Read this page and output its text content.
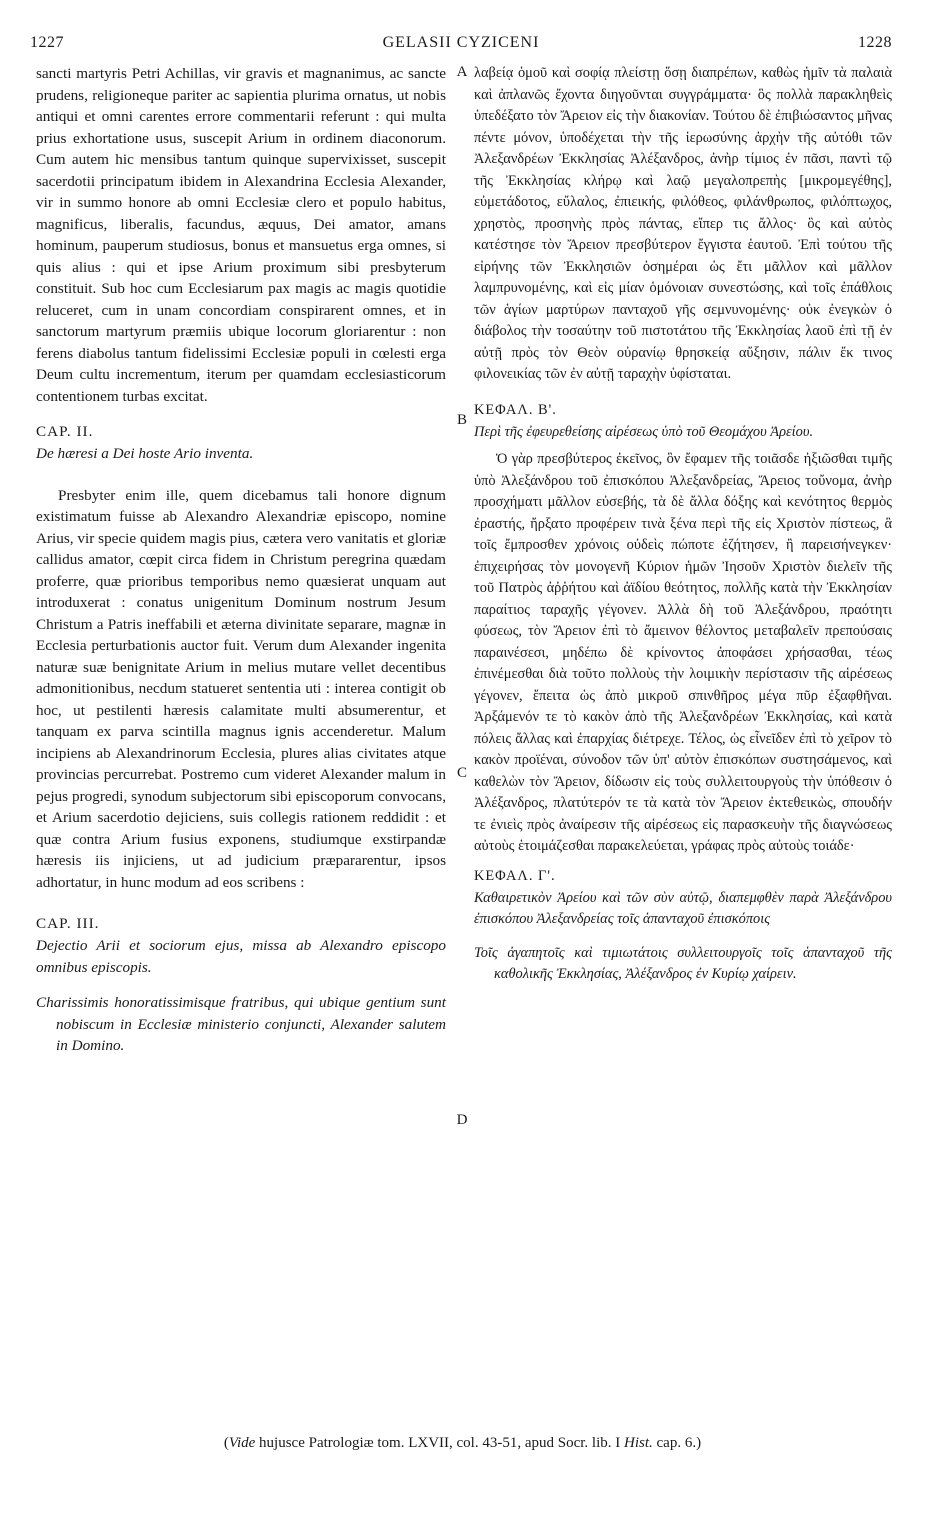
1227	GELASII CYZICENI	1228

sancti martyris Petri Achillas, vir gravis et magnanimus, ac sancte prudens, religioneque pariter ac sapientia plurima ornatus, ut nobis antiqui et omni carentes errore commentarii referunt : qui multa prius exhortatione usus, suscepit Arium in ordinem diaconorum. Cum autem hic mensibus tantum quinque supervixisset, suscepit sacerdotii principatum ibidem in Alexandrina Ecclesia Alexander, vir in summo honore ab omni Ecclesiæ clero et populo habitus, magnificus, liberalis, facundus, æquus, Dei amator, amans hominum, pauperum studiosus, bonus et mansuetus erga omnes, si quis alius : qui et ipse Arium proximum sibi presbyterum constituit. Sub hoc cum Ecclesiarum pax magis ac magis quotidie reluceret, cum in unam concordiam conspirarent omnes, et in sanctorum martyrum præmiis ubique locorum gloriarentur : non ferens diabolus tantum fidelissimi Ecclesiæ populi in cœlesti erga Deum cultu incrementum, iterum per quamdam ecclesiasticorum contentionem turbas excitat.

CAP. II.

De hæresi a Dei hoste Ario inventa.

Presbyter enim ille, quem dicebamus tali honore dignum existimatum fuisse ab Alexandro Alexandriæ episcopo, nomine Arius, vir specie quidem magis pius, cætera vero vanitatis et gloriæ callidus amator, cœpit circa fidem in Christum peregrina quædam proferre, quæ prioribus temporibus nemo quæsierat unquam aut introduxerat : conatus unigenitum Dominum nostrum Jesum Christum a Patris ineffabili et æterna divinitate separare, magnæ in Ecclesia perturbationis auctor fuit. Verum dum Alexander ingenita naturæ suæ benignitate Arium in melius mutare vellet decentibus admonitionibus, necdum statueret sententia uti : interea contigit ob hoc, ut pestilenti hæresis calamitate multi absumerentur, et tanquam ex parva scintilla magnus ignis accenderetur. Malum incipiens ab Alexandrinorum Ecclesia, plures alias civitates atque provincias percurrebat. Postremo cum videret Alexander malum in pejus progredi, synodum subjectorum sibi episcoporum convocans, et Arium sacerdotio dejiciens, suis collegis rationem reddidit : et quæ contra Arium fusius exponens, studiumque exstirpandæ hæresis iis injiciens, ut ad judicium præpararentur, ipsos adhortatur, in hunc modum ad eos scribens :

CAP. III.

Dejectio Arii et sociorum ejus, missa ab Alexandro episcopo omnibus episcopis.

Charissimis honoratissimisque fratribus, qui ubique gentium sunt nobiscum in Ecclesiæ ministerio conjuncti, Alexander salutem in Domino.

A
B
C
D

λαβείᾳ ὁμοῦ καὶ σοφίᾳ πλείστῃ ὅσῃ διαπρέπων, καθὼς ἡμῖν τὰ παλαιὰ καὶ ἀπλανῶς ἔχοντα διηγοῦνται συγγράμματα· ὃς πολλὰ παρακληθεὶς ὑπεδέξατο τὸν Ἄρειον εἰς τὴν διακονίαν. Τούτου δὲ ἐπιβιώσαντος μῆνας πέντε μόνον, ὑποδέχεται τὴν τῆς ἱερωσύνης ἀρχὴν τῆς αὐτόθι τῶν Ἀλεξανδρέων Ἐκκλησίας Ἀλέξανδρος, ἀνὴρ τίμιος ἐν πᾶσι, παντὶ τῷ τῆς Ἐκκλησίας κλήρῳ καὶ λαῷ μεγαλοπρεπὴς [μικρομεγέθης], εὐμετάδοτος, εὔλαλος, ἐπιεικής, φιλόθεος, φιλάνθρωπος, φιλόπτωχος, χρηστὸς, προσηνὴς πρὸς πάντας, εἴπερ τις ἄλλος· ὃς καὶ αὐτὸς κατέστησε τὸν Ἄρειον πρεσβύτερον ἔγγιστα ἑαυτοῦ. Ἐπὶ τούτου τῆς εἰρήνης τῶν Ἐκκλησιῶν ὁσημέραι ὡς ἔτι μᾶλλον καὶ μᾶλλον λαμπρυνομένης, καὶ εἰς μίαν ὁμόνοιαν συνεστώσης, καὶ τοῖς ἐπάθλοις τῶν ἁγίων μαρτύρων πανταχοῦ γῆς σεμνυνομένης· οὐκ ἐνεγκὼν ὁ διάβολος τὴν τοσαύτην τοῦ πιστοτάτου τῆς Ἐκκλησίας λαοῦ ἐπὶ τῇ ἐν αὐτῇ πρὸς τὸν Θεὸν οὐρανίῳ θρησκείᾳ αὔξησιν, πάλιν ἔκ τινος φιλονεικίας τῶν ἐν αὐτῇ ταραχὴν ὑφίσταται.

ΚΕΦΑΛ. Β'.

Περὶ τῆς ἐφευρεθείσης αἱρέσεως ὑπὸ τοῦ Θεομάχου Ἀρείου.

Ὁ γὰρ πρεσβύτερος ἐκεῖνος, ὃν ἔφαμεν τῆς τοιᾶσδε ἠξιῶσθαι τιμῆς ὑπὸ Ἀλεξάνδρου τοῦ ἐπισκόπου Ἀλεξανδρείας, Ἄρειος τοὔνομα, ἀνὴρ προσχήματι μᾶλλον εὐσεβής, τὰ δὲ ἄλλα δόξης καὶ κενότητος θερμὸς ἐραστής, ἤρξατο προφέρειν τινὰ ξένα περὶ τῆς εἰς Χριστὸν πίστεως, ἃ τοῖς ἔμπροσθεν χρόνοις οὐδεὶς πώποτε ἐζήτησεν, ἢ παρεισήνεγκεν· ἐπιχειρήσας τὸν μονογενῆ Κύριον ἡμῶν Ἰησοῦν Χριστὸν διελεῖν τῆς τοῦ Πατρὸς ἀῤῥήτου καὶ ἀϊδίου θεότητος, πολλῆς κατὰ τὴν Ἐκκλησίαν παραίτιος ταραχῆς γέγονεν. Ἀλλὰ δὴ τοῦ Ἀλεξάνδρου, πραότητι φύσεως, τὸν Ἄρειον ἐπὶ τὸ ἄμεινον θέλοντος μεταβαλεῖν πρεπούσαις παραινέσεσι, μηδέπω δὲ κρίνοντος ἀποφάσει χρήσασθαι, τέως ἐπινέμεσθαι διὰ τοῦτο πολλοὺς τὴν λοιμικὴν περίστασιν τῆς αἱρέσεως γέγονεν, ἔπειτα ὡς ἀπὸ μικροῦ σπινθῆρος μέγα πῦρ ἐξαφθῆναι. Ἀρξάμενόν τε τὸ κακὸν ἀπὸ τῆς Ἀλεξανδρέων Ἐκκλησίας, καὶ κατὰ πόλεις ἄλλας καὶ ἐπαρχίας διέτρεχε. Τέλος, ὡς εἶνεῖδεν ἐπὶ τὸ χεῖρον τὸ κακὸν προϊέναι, σύνοδον τῶν ὑπ' αὐτὸν ἐπισκόπων συστησάμενος, καὶ καθελὼν τὸν Ἄρειον, δίδωσιν εἰς τοὺς συλλειτουργοὺς τὴν ὑπόθεσιν ὁ Ἀλέξανδρος, πλατύτερόν τε τὰ κατὰ τὸν Ἄρειον ἐκτεθεικὼς, σπουδήν τε ἐνιεὶς πρὸς ἀναίρεσιν τῆς αἱρέσεως εἰς παρασκευὴν τῆς διαγνώσεως αὐτοὺς ἑτοιμάζεσθαι παρακελεύεται, γράφας πρὸς αὐτοὺς τοιάδε·

ΚΕΦΑΛ. Γ'.

Καθαιρετικὸν Ἀρείου καὶ τῶν σὺν αὐτῷ, διαπεμφθὲν παρὰ Ἀλεξάνδρου ἐπισκόπου Ἀλεξανδρείας τοῖς ἁπανταχοῦ ἐπισκόποις

Τοῖς ἀγαπητοῖς καὶ τιμιωτάτοις συλλειτουργοῖς τοῖς ἁπανταχοῦ τῆς καθολικῆς Ἐκκλησίας, Ἀλέξανδρος ἐν Κυρίῳ χαίρειν.

(Vide hujusce Patrologiæ tom. LXVII, col. 43-51, apud Socr. lib. I Hist. cap. 6.)
